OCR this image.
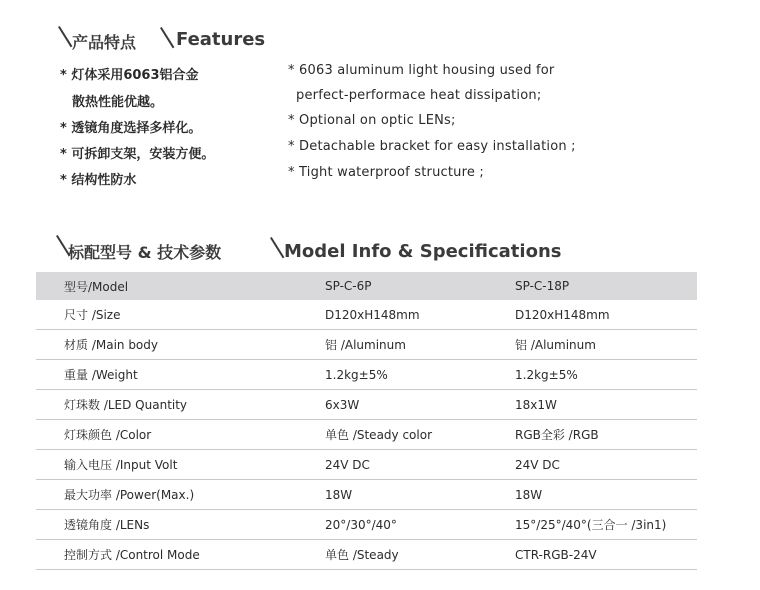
产品特点 Features
* 灯体采用6063铝合金
散热性能优越。
* 透镜角度选择多样化。
* 可拆卸支架，安装方便。
* 结构性防水
* 6063 aluminum light housing used for
perfect-performace heat dissipation;
* Optional on optic LENs;
* Detachable bracket for easy installation ;
* Tight waterproof structure ;
标配型号 & 技术参数	Model Info & Specifications
型号/Model	SP-C-6P	SP-C-18P
尺寸 /Size	D120xH148mm	D120xH148mm
材质 /Main body	铝 /Aluminum	铝 /Aluminum
重量 /Weight	1.2kg±5%	1.2kg±5%
灯珠数 /LED Quantity	6x3W	18x1W
灯珠颜色 /Color	单色 /Steady color	RGB全彩 /RGB
输入电压 /Input Volt	24V DC	24V DC
最大功率 /Power(Max.)	18W	18W
透镜角度 /LENs	20°/30°/40°	15°/25°/40°(三合一 /3in1)
控制方式 /Control Mode	单色 /Steady	CTR-RGB-24V
